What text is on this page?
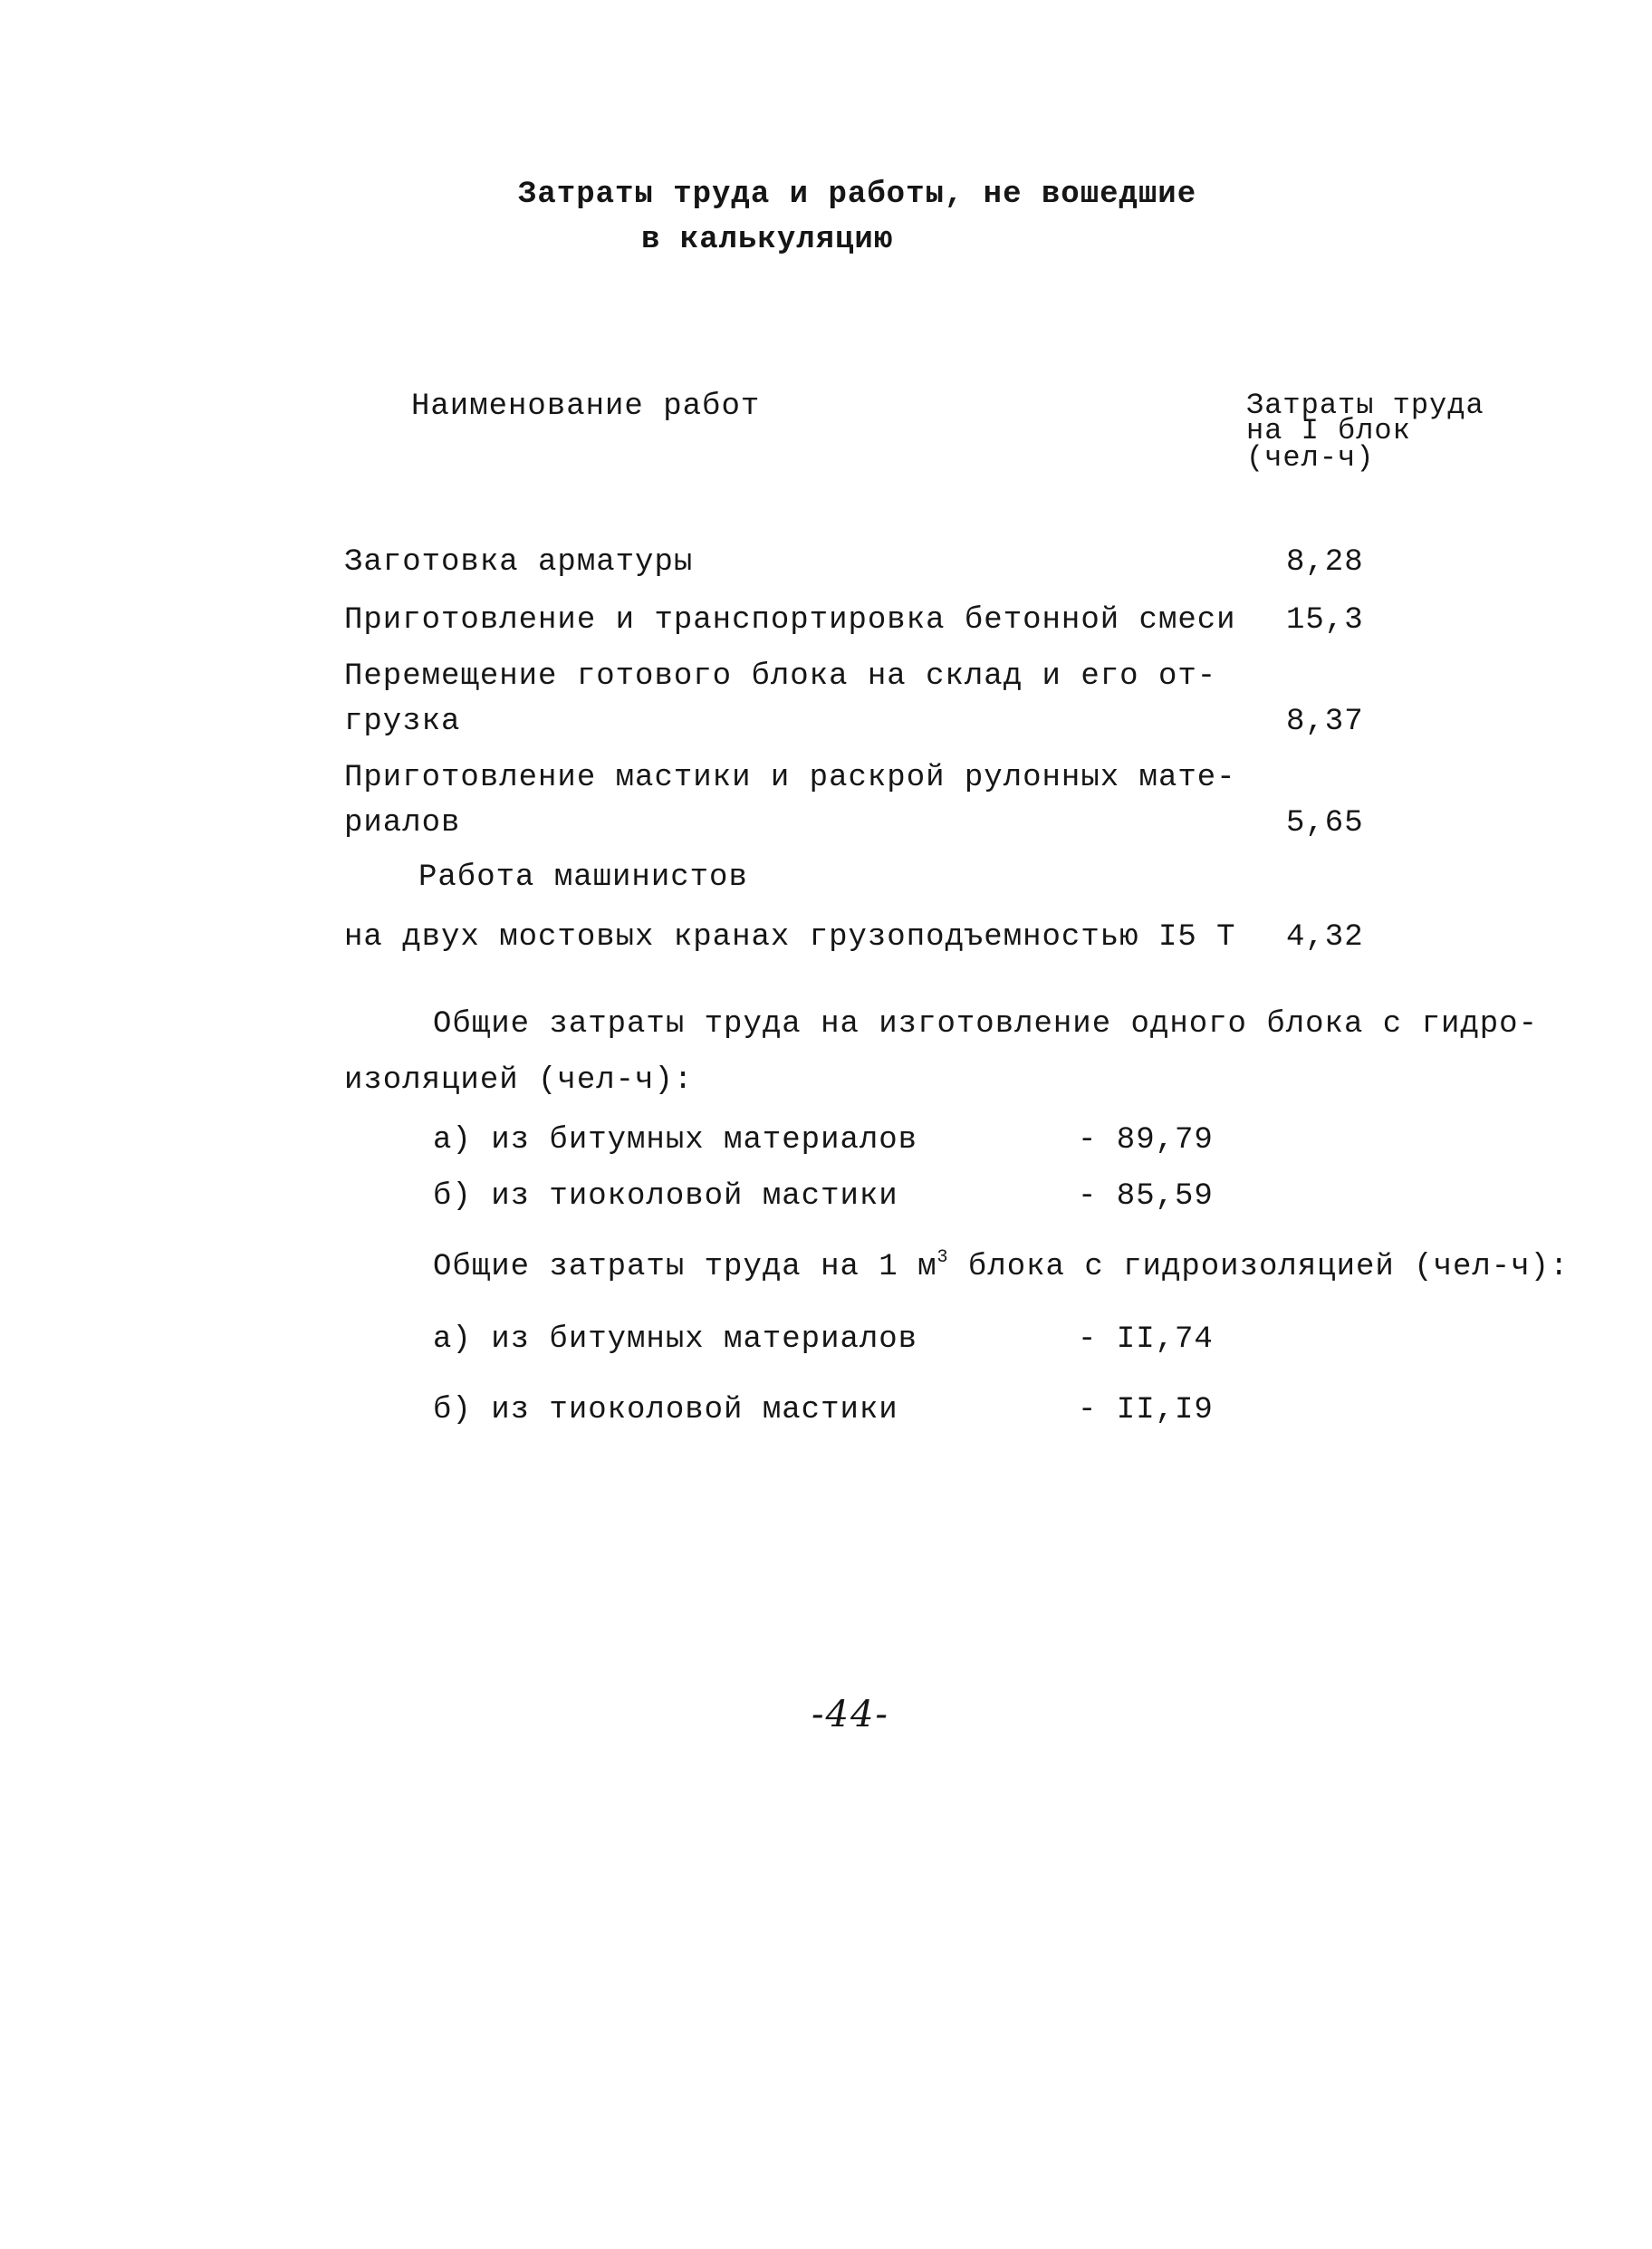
Затраты труда и работы, не вошедшие
в калькуляцию
Наименование работ	Затраты труда
на I блок
(чел-ч)
Заготовка арматуры	8,28
Приготовление и транспортировка бетонной смеси 15,3
Перемещение готового блока на склад и его от-
грузка	8,37
Приготовление мастики и раскрой рулонных мате-
риалов	5,65
Работа машинистов
на двух мостовых кранах грузоподъемностью I5 Т 4,32
Общие затраты труда на изготовление одного блока с гидро-
изоляцией (чел-ч):
а) из битумных материалов	- 89,79
б) из тиоколовой мастики	- 85,59
Общие затраты труда на 1 $м^3$ блока с гидроизоляцией (чел-ч):
а) из битумных материалов	- II,74
б) из тиоколовой мастики	- II,I9
-44-
